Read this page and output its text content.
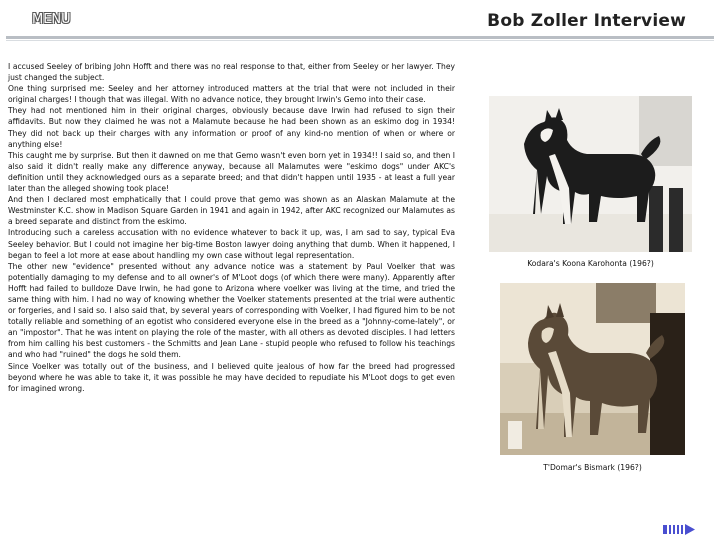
MENU	Bob Zoller Interview

I accused Seeley of bribing John Hofft and there was no real response to that, either from Seeley or her lawyer. They just changed the subject.

One thing surprised me: Seeley and her attorney introduced matters at the trial that were not included in their original charges! I though that was illegal. With no advance notice, they brought Irwin's Gemo into their case.

They had not mentioned him in their original charges, obviously because dave Irwin had refused to sign their affidavits. But now they claimed he was not a Malamute because he had been shown as an eskimo dog in 1934! They did not back up their charges with any information or proof of any kind-no mention of when or where or anything else!

This caught me by surprise. But then it dawned on me that Gemo wasn't even born yet in 1934!! I said so, and then I also said it didn't really make any difference anyway, because all Malamutes were "eskimo dogs" under AKC's definition until they acknowledged ours as a separate breed; and that didn't happen until 1935 - at least a full year later than the alleged showing took place!

And then I declared most emphatically that I could prove that gemo was shown as an Alaskan Malamute at the Westminster K.C. show in Madison Square Garden in 1941 and again in 1942, after AKC recognized our Malamutes as a breed separate and distinct from the eskimo.

Introducing such a careless accusation with no evidence whatever to back it up, was, I am sad to say, typical Eva Seeley behavior. But I could not imagine her big-time Boston lawyer doing anything that dumb. When it happened, I began to feel a lot more at ease about handling my own case without legal representation.

The other new "evidence" presented without any advance notice was a statement by Paul Voelker that was potentially damaging to my defense and to all owner's of M'Loot dogs (of which there were many). Apparently after Hofft had failed to bulldoze Dave Irwin, he had gone to Arizona where voelker was living at the time, and tried the same thing with him. I had no way of knowing whether the Voelker statements presented at the trial were authentic or forgeries, and I said so. I also said that, by several years of corresponding with Voelker, I had figured him to be not totally reliable and something of an egotist who considered everyone else in the breed as a "Johnny-come-lately", or an "impostor". That he was intent on playing the role of the master, with all others as devoted disciples. I had letters from him calling his best customers - the Schmitts and Jean Lane - stupid people who refused to follow his teachings and who had "ruined" the dogs he sold them.

Since Voelker was totally out of the business, and I believed quite jealous of how far the breed had progressed beyond where he was able to take it, it was possible he may have decided to repudiate his M'Loot dogs to get even for imagined wrong.

Kodara's Koona Karohonta (196?)
T'Domar's Bismark (196?)
